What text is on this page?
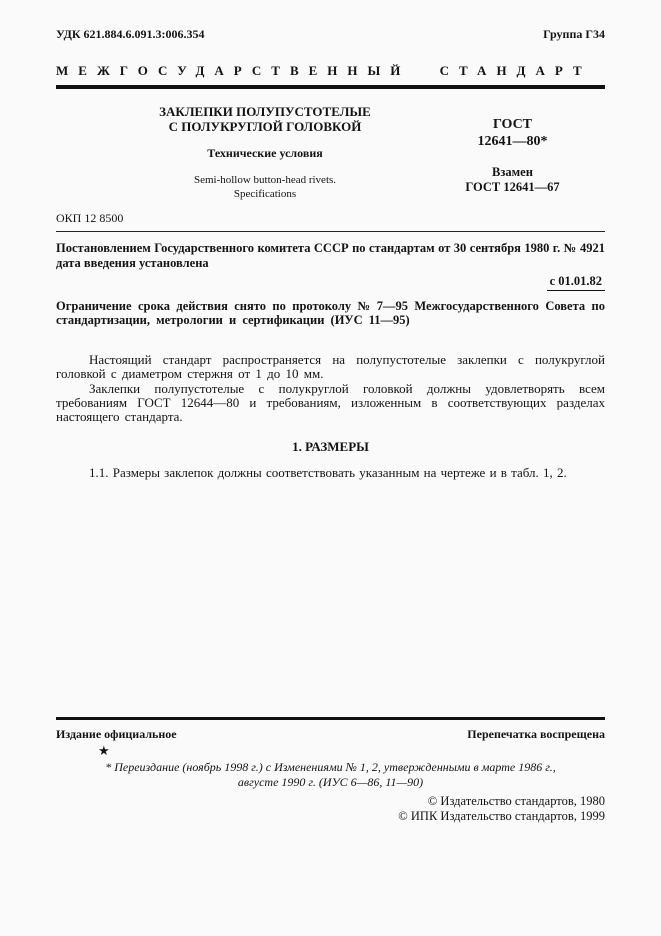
УДК 621.884.6.091.3:006.354	Группа Г34
МЕЖГОСУДАРСТВЕННЫЙ СТАНДАРТ
ЗАКЛЕПКИ ПОЛУПУСТОТЕЛЫЕ
С ПОЛУКРУГЛОЙ ГОЛОВКОЙ
Технические условия
Semi-hollow button-head rivets.
Specifications
ГОСТ
12641—80*
Взамен
ГОСТ 12641—67
ОКП 12 8500
Постановлением Государственного комитета СССР по стандартам от 30 сентября 1980 г. № 4921 дата введения установлена
с 01.01.82
Ограничение срока действия снято по протоколу № 7—95 Межгосударственного Совета по стандартизации, метрологии и сертификации (ИУС 11—95)
Настоящий стандарт распространяется на полупустотелые заклепки с полукруглой головкой с диаметром стержня от 1 до 10 мм.
Заклепки полупустотелые с полукруглой головкой должны удовлетворять всем требованиям ГОСТ 12644—80 и требованиям, изложенным в соответствующих разделах настоящего стандарта.
1. РАЗМЕРЫ
1.1. Размеры заклепок должны соответствовать указанным на чертеже и в табл. 1, 2.
Издание официальное	Перепечатка воспрещена
★
* Переиздание (ноябрь 1998 г.) с Изменениями № 1, 2, утвержденными в марте 1986 г.,
августе 1990 г. (ИУС 6—86, 11—90)
© Издательство стандартов, 1980
© ИПК Издательство стандартов, 1999
